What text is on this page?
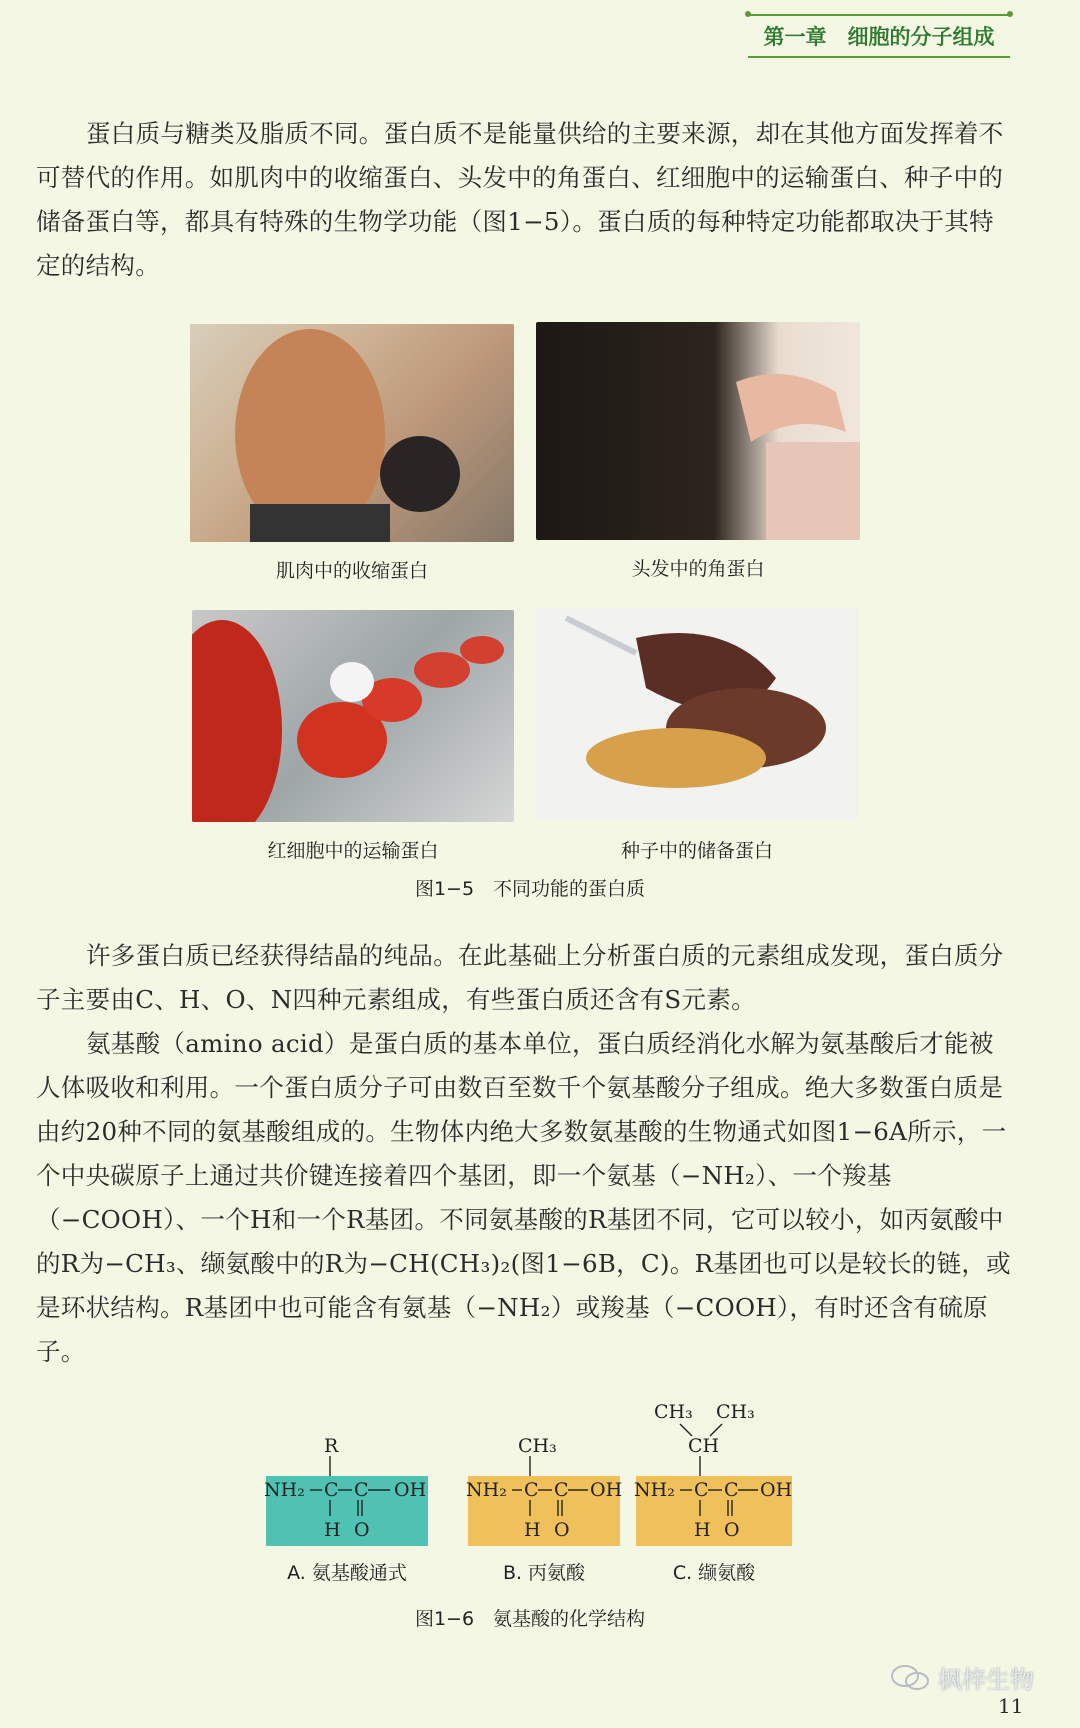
第一章　细胞的分子组成

蛋白质与糖类及脂质不同。蛋白质不是能量供给的主要来源，却在其他方面发挥着不可替代的作用。如肌肉中的收缩蛋白、头发中的角蛋白、红细胞中的运输蛋白、种子中的储备蛋白等，都具有特殊的生物学功能（图1−5）。蛋白质的每种特定功能都取决于其特定的结构。

肌肉中的收缩蛋白	头发中的角蛋白
红细胞中的运输蛋白	种子中的储备蛋白
图1−5　不同功能的蛋白质

许多蛋白质已经获得结晶的纯品。在此基础上分析蛋白质的元素组成发现，蛋白质分子主要由C、H、O、N四种元素组成，有些蛋白质还含有S元素。

氨基酸（amino acid）是蛋白质的基本单位，蛋白质经消化水解为氨基酸后才能被人体吸收和利用。一个蛋白质分子可由数百至数千个氨基酸分子组成。绝大多数蛋白质是由约20种不同的氨基酸组成的。生物体内绝大多数氨基酸的生物通式如图1−6A所示，一个中央碳原子上通过共价键连接着四个基团，即一个氨基（−NH₂）、一个羧基（−COOH）、一个H和一个R基团。不同氨基酸的R基团不同，它可以较小，如丙氨酸中的R为−CH₃、缬氨酸中的R为−CH(CH₃)₂(图1−6B，C)。R基团也可以是较长的链，或是环状结构。R基团中也可能含有氨基（−NH₂）或羧基（−COOH），有时还含有硫原子。

R
NH₂ C C OH
H O
CH₃
NH₂ C C OH
H O
CH₃ CH₃
CH
NH₂ C C OH
H O
A. 氨基酸通式	B. 丙氨酸	C. 缬氨酸
图1−6　氨基酸的化学结构
枫梓生物
11
